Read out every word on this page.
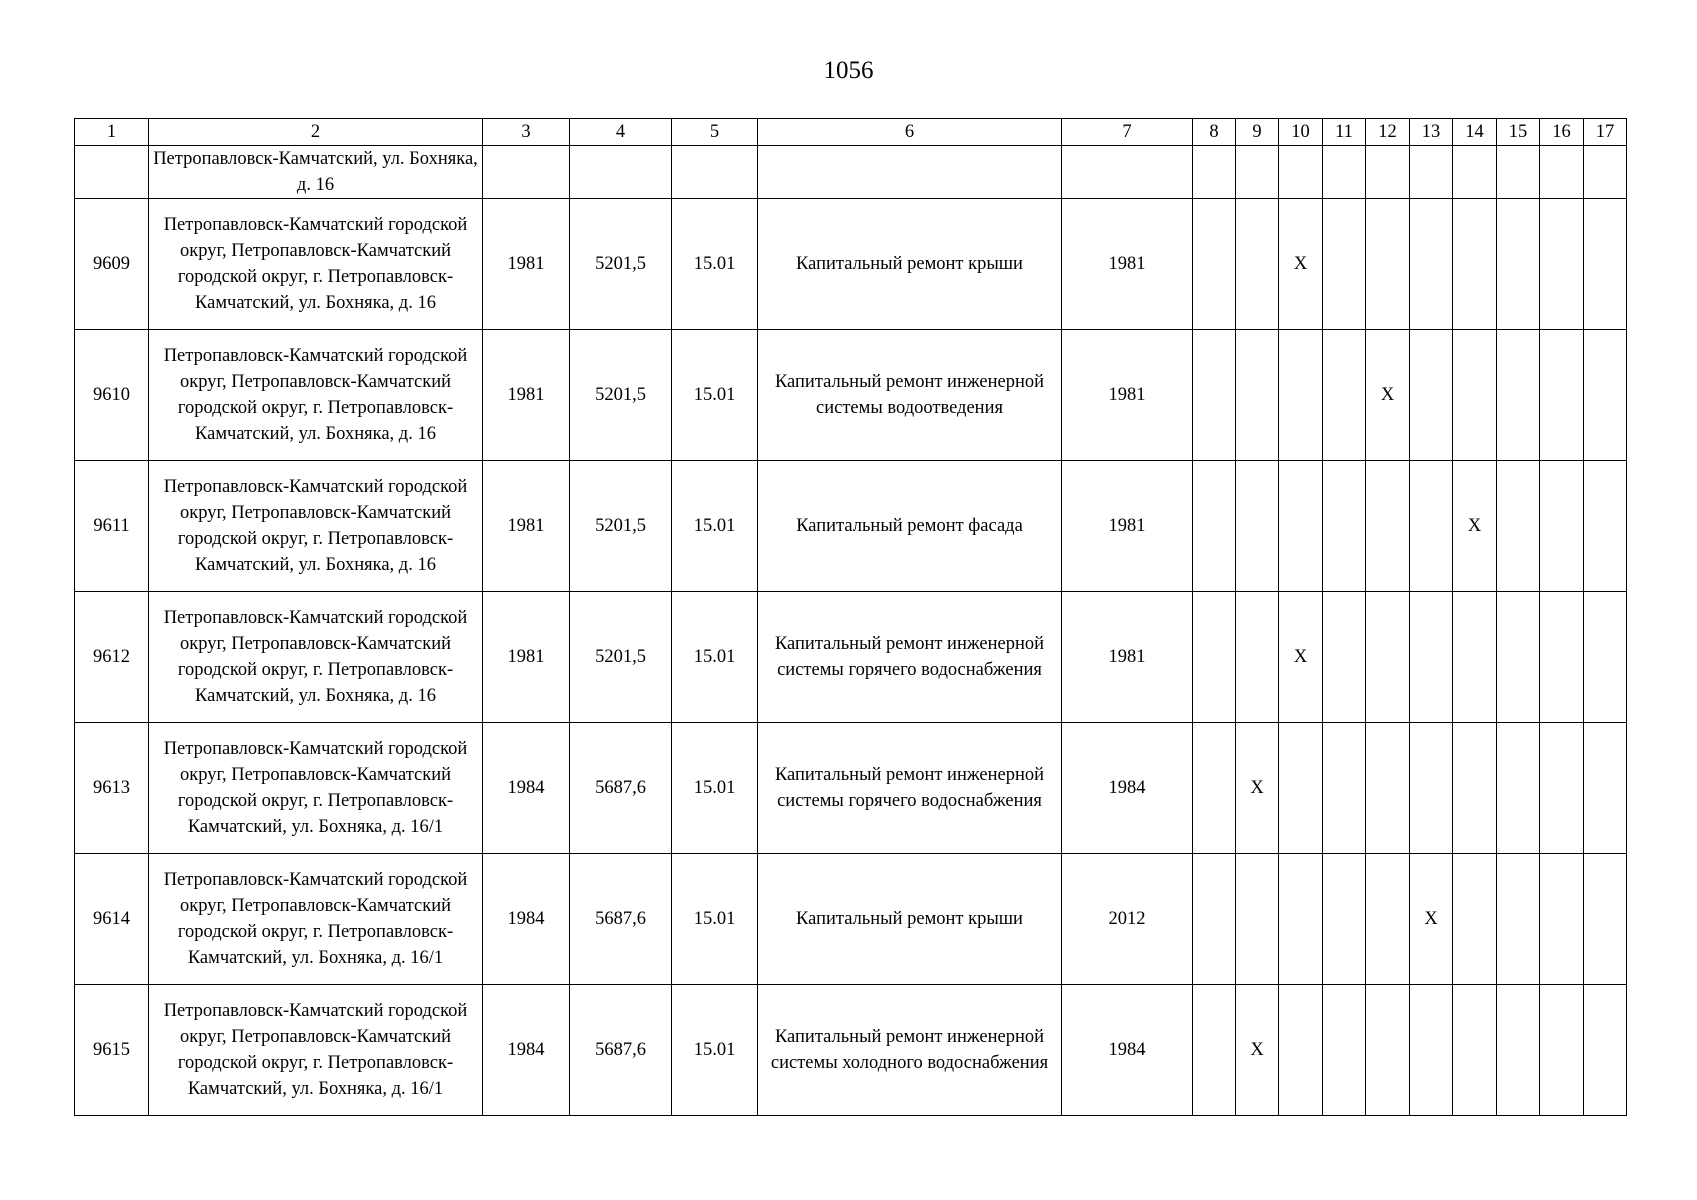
1056
1	2	3	4	5	6	7	8	9	10	11	12	13	14	15	16	17
	Петропавловск-Камчатский, ул. Бохняка, д. 16															
9609	Петропавловск-Камчатский городской округ, Петропавловск-Камчатский городской округ, г. Петропавловск-Камчатский, ул. Бохняка, д. 16	1981	5201,5	15.01	Капитальный ремонт крыши	1981			X							
9610	Петропавловск-Камчатский городской округ, Петропавловск-Камчатский городской округ, г. Петропавловск-Камчатский, ул. Бохняка, д. 16	1981	5201,5	15.01	Капитальный ремонт инженерной системы водоотведения	1981					X					
9611	Петропавловск-Камчатский городской округ, Петропавловск-Камчатский городской округ, г. Петропавловск-Камчатский, ул. Бохняка, д. 16	1981	5201,5	15.01	Капитальный ремонт фасада	1981							X			
9612	Петропавловск-Камчатский городской округ, Петропавловск-Камчатский городской округ, г. Петропавловск-Камчатский, ул. Бохняка, д. 16	1981	5201,5	15.01	Капитальный ремонт инженерной системы горячего водоснабжения	1981			X							
9613	Петропавловск-Камчатский городской округ, Петропавловск-Камчатский городской округ, г. Петропавловск-Камчатский, ул. Бохняка, д. 16/1	1984	5687,6	15.01	Капитальный ремонт инженерной системы горячего водоснабжения	1984		X								
9614	Петропавловск-Камчатский городской округ, Петропавловск-Камчатский городской округ, г. Петропавловск-Камчатский, ул. Бохняка, д. 16/1	1984	5687,6	15.01	Капитальный ремонт крыши	2012						X				
9615	Петропавловск-Камчатский городской округ, Петропавловск-Камчатский городской округ, г. Петропавловск-Камчатский, ул. Бохняка, д. 16/1	1984	5687,6	15.01	Капитальный ремонт инженерной системы холодного водоснабжения	1984		X								
